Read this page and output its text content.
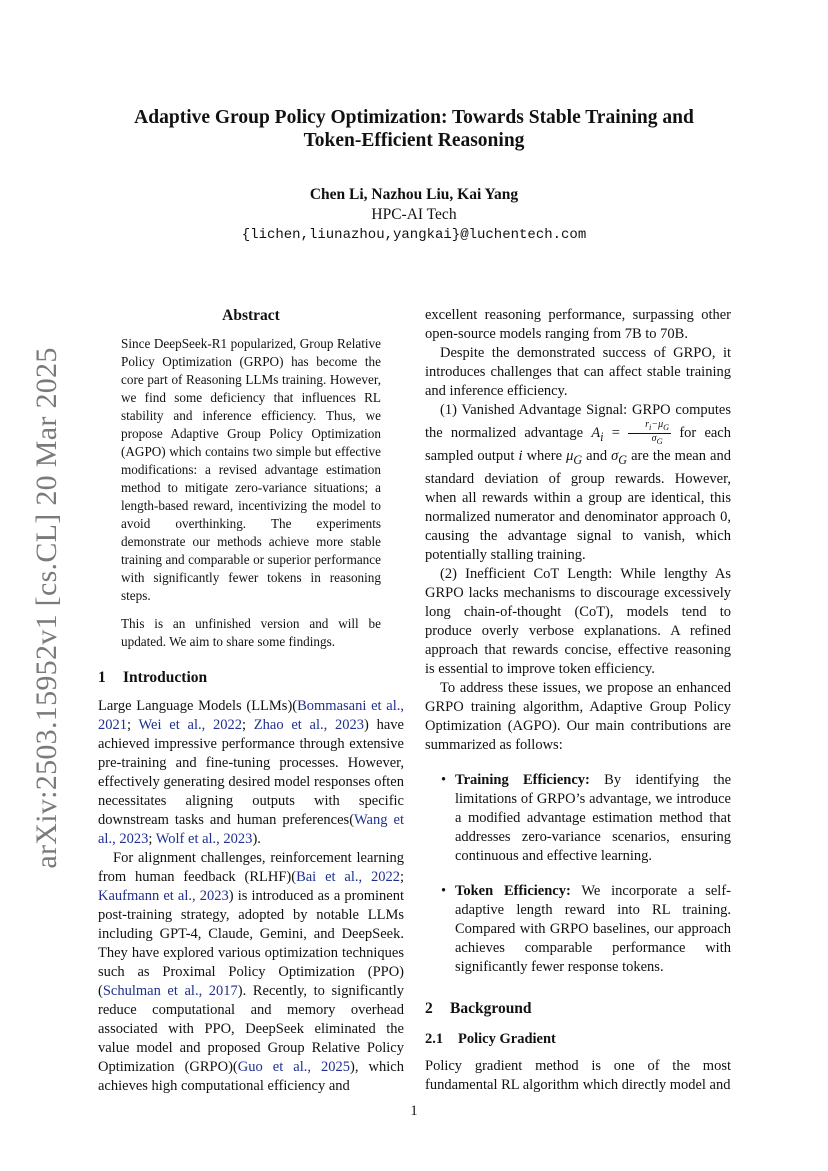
arXiv:2503.15952v1 [cs.CL] 20 Mar 2025
Adaptive Group Policy Optimization: Towards Stable Training and
Token-Efficient Reasoning
Chen Li, Nazhou Liu, Kai Yang
HPC-AI Tech
{lichen,liunazhou,yangkai}@luchentech.com
Abstract

Since DeepSeek-R1 popularized, Group Relative Policy Optimization (GRPO) has become the core part of Reasoning LLMs training. However, we find some deficiency that influences RL stability and inference efficiency. Thus, we propose Adaptive Group Policy Optimization (AGPO) which contains two simple but effective modifications: a revised advantage estimation method to mitigate zero-variance situations; a length-based reward, incentivizing the model to avoid overthinking. The experiments demonstrate our methods achieve more stable training and comparable or superior performance with significantly fewer tokens in reasoning steps.

This is an unfinished version and will be updated. We aim to share some findings.

1 Introduction

Large Language Models (LLMs)(Bommasani et al., 2021; Wei et al., 2022; Zhao et al., 2023) have achieved impressive performance through extensive pre-training and fine-tuning processes. However, effectively generating desired model responses often necessitates aligning outputs with specific downstream tasks and human preferences(Wang et al., 2023; Wolf et al., 2023).

For alignment challenges, reinforcement learning from human feedback (RLHF)(Bai et al., 2022; Kaufmann et al., 2023) is introduced as a prominent post-training strategy, adopted by notable LLMs including GPT-4, Claude, Gemini, and DeepSeek. They have explored various optimization techniques such as Proximal Policy Optimization (PPO)(Schulman et al., 2017). Recently, to significantly reduce computational and memory overhead associated with PPO, DeepSeek eliminated the value model and proposed Group Relative Policy Optimization (GRPO)(Guo et al., 2025), which achieves high computational efficiency and

excellent reasoning performance, surpassing other open-source models ranging from 7B to 70B.

Despite the demonstrated success of GRPO, it introduces challenges that can affect stable training and inference efficiency.

(1) Vanished Advantage Signal: GRPO computes the normalized advantage $A_i = \frac{r_i-\mu_G}{\sigma_G}$ for each sampled output i where $\mu_G$ and $\sigma_G$ are the mean and standard deviation of group rewards. However, when all rewards within a group are identical, this normalized numerator and denominator approach 0, causing the advantage signal to vanish, which potentially stalling training.

(2) Inefficient CoT Length: While lengthy As GRPO lacks mechanisms to discourage excessively long chain-of-thought (CoT), models tend to produce overly verbose explanations. A refined approach that rewards concise, effective reasoning is essential to improve token efficiency.

To address these issues, we propose an enhanced GRPO training algorithm, Adaptive Group Policy Optimization (AGPO). Our main contributions are summarized as follows:

• Training Efficiency: By identifying the limitations of GRPO’s advantage, we introduce a modified advantage estimation method that addresses zero-variance scenarios, ensuring continuous and effective learning.
• Token Efficiency: We incorporate a self-adaptive length reward into RL training. Compared with GRPO baselines, our approach achieves comparable performance with significantly fewer response tokens.
2 Background
2.1 Policy Gradient

Policy gradient method is one of the most fundamental RL algorithm which directly model and

1
